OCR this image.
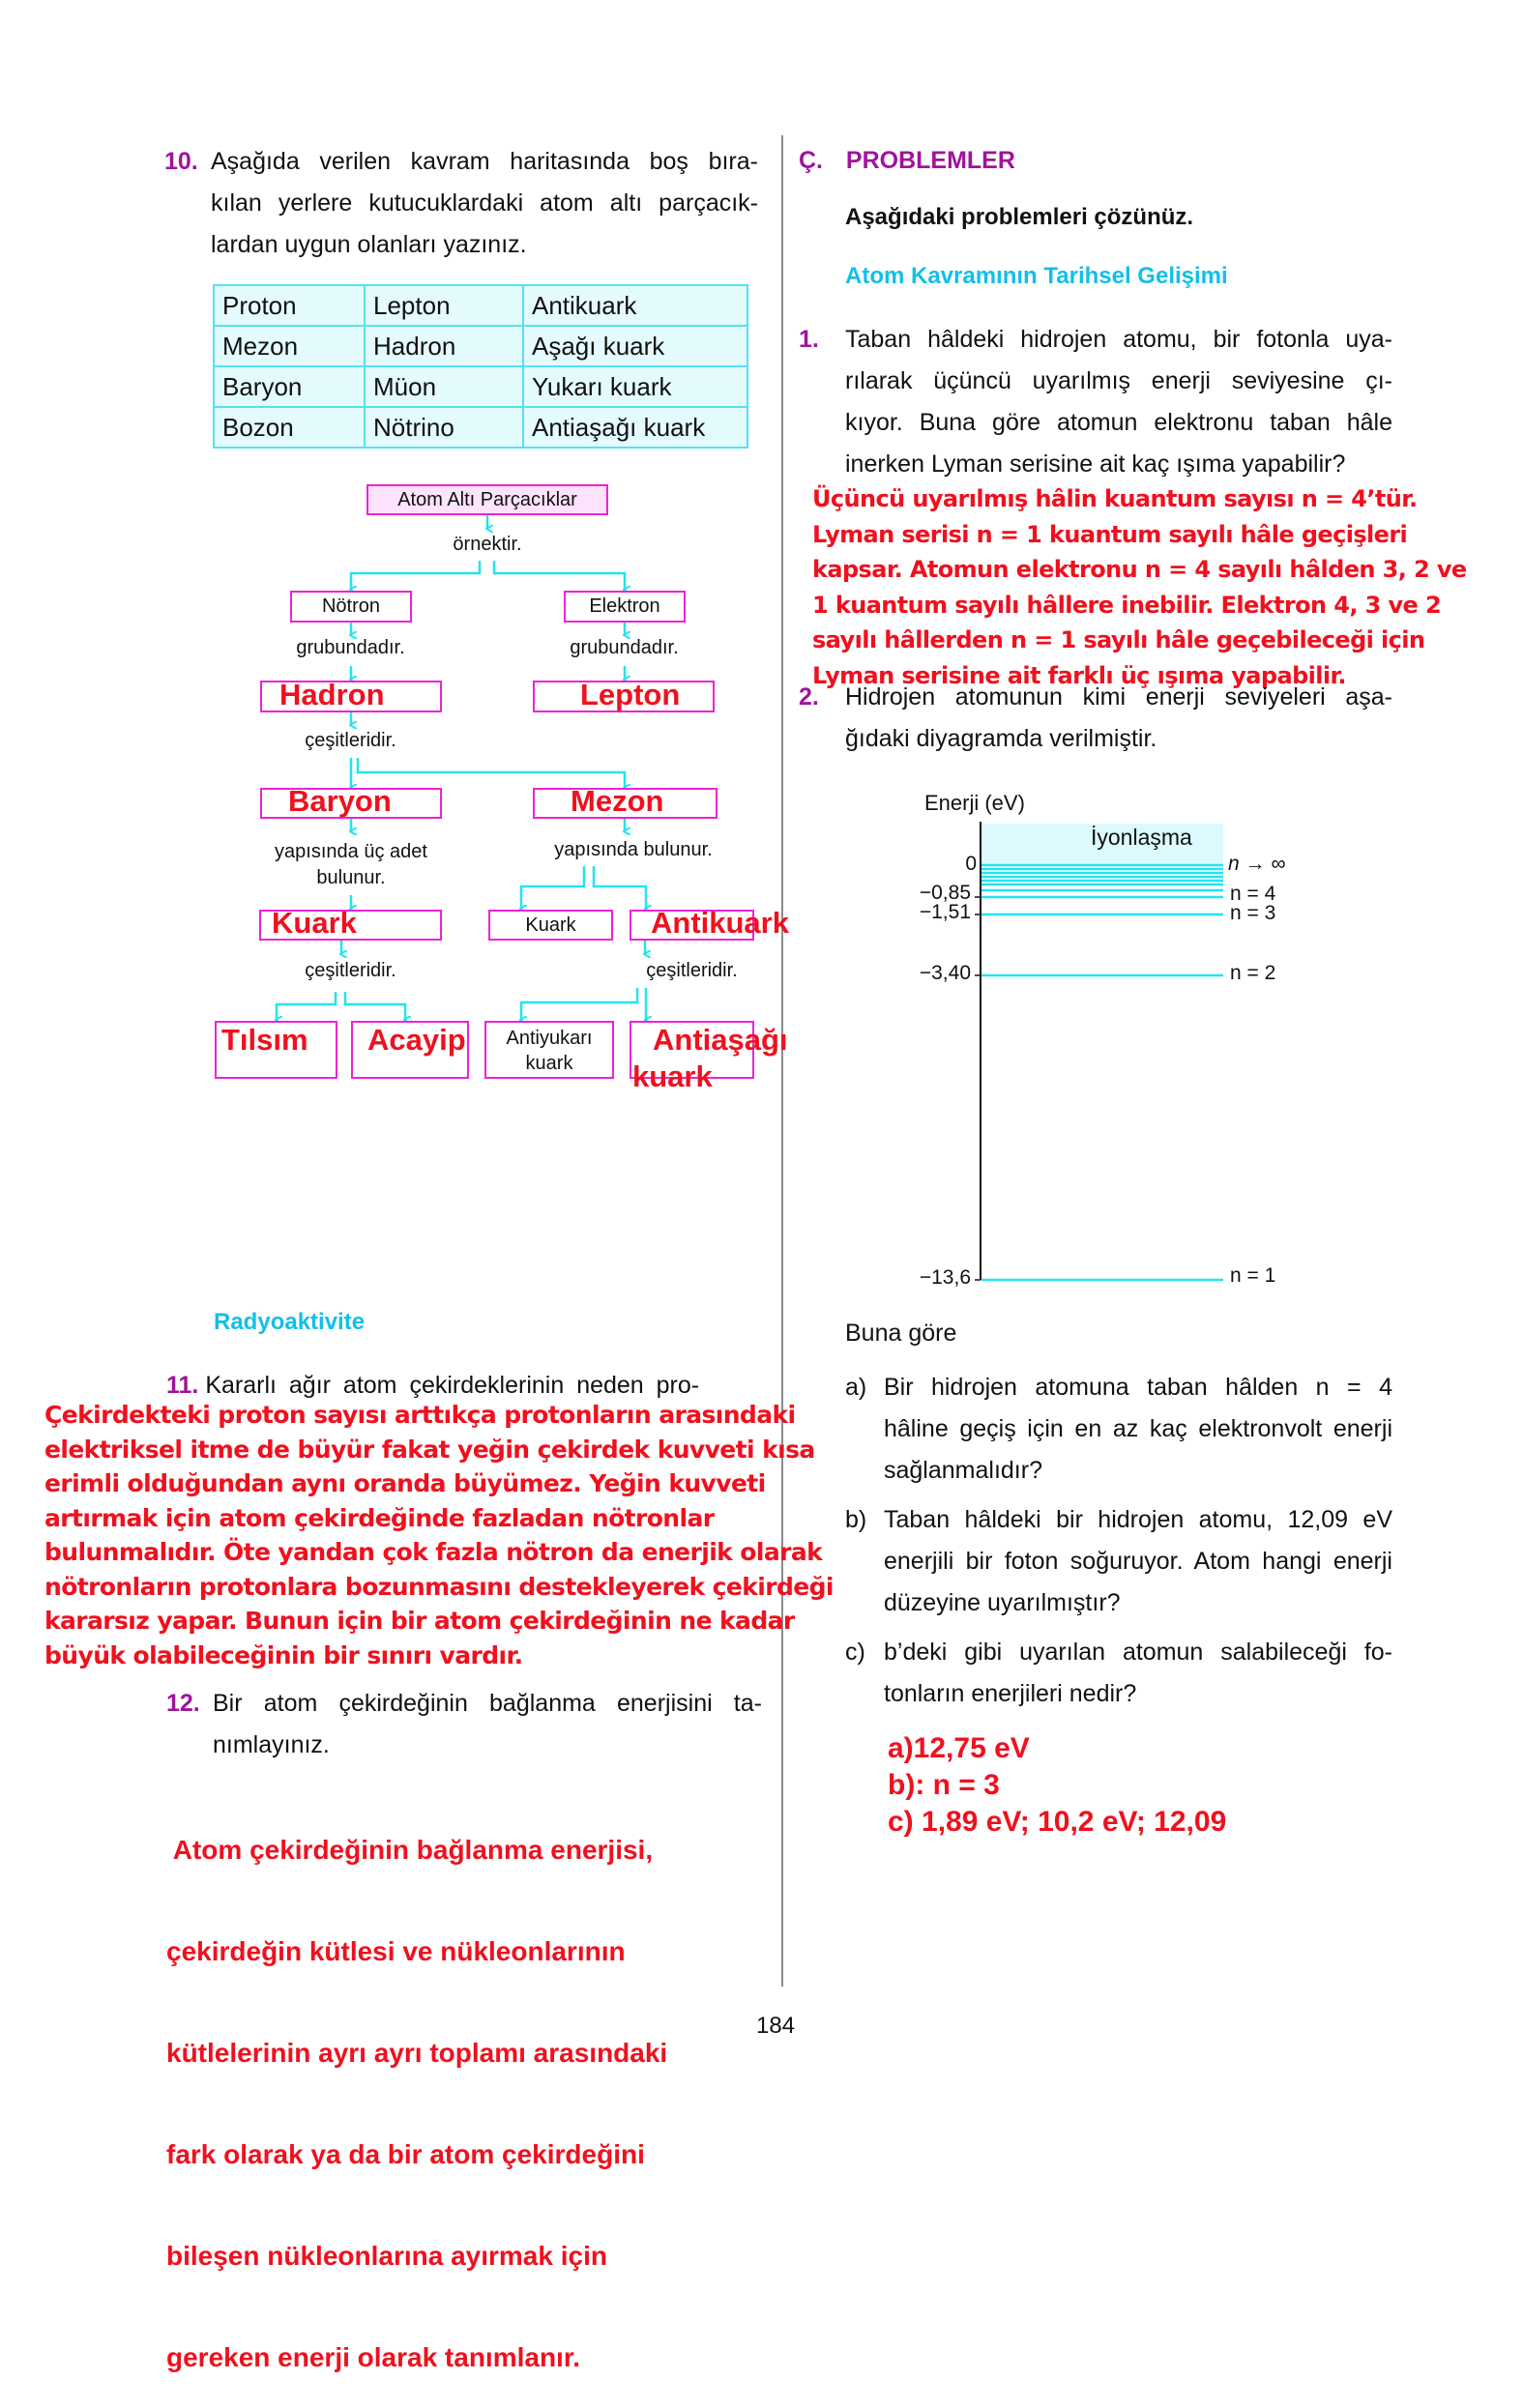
10. Aşağıda verilen kavram haritasında boş bıra-
kılan yerlere kutucuklardaki atom altı parçacık-
lardan uygun olanları yazınız.
Proton	Lepton	Antikuark
Mezon	Hadron	Aşağı kuark
Baryon	Müon	Yukarı kuark
Bozon	Nötrino	Antiaşağı kuark
Atom Altı Parçacıklar
örnektir.
Nötron	Elektron
grubundadır.	grubundadır.
Hadron	Lepton
çeşitleridir.
Baryon	Mezon
yapısında üç adet
bulunur.
yapısında bulunur.
Kuark	Kuark	Antikuark
çeşitleridir.	çeşitleridir.
Tılsım Acayip	Antiyukarı
kuark
Antiaşağı
kuark
Radyoaktivite
11. Kararlı ağır atom çekirdeklerinin neden pro-
Çekirdekteki proton sayısı arttıkça protonların arasındaki
elektriksel itme de büyür fakat yeğin çekirdek kuvveti kısa
erimli olduğundan aynı oranda büyümez. Yeğin kuvveti
artırmak için atom çekirdeğinde fazladan nötronlar
bulunmalıdır. Öte yandan çok fazla nötron da enerjik olarak
nötronların protonlara bozunmasını destekleyerek çekirdeği
kararsız yapar. Bunun için bir atom çekirdeğinin ne kadar
büyük olabileceğinin bir sınırı vardır.
12. Bir atom çekirdeğinin bağlanma enerjisini ta-
nımlayınız.

Atom çekirdeğinin bağlanma enerjisi,

çekirdeğin kütlesi ve nükleonlarının

kütlelerinin ayrı ayrı toplamı arasındaki

fark olarak ya da bir atom çekirdeğini

bileşen nükleonlarına ayırmak için

gereken enerji olarak tanımlanır.

Ç. PROBLEMLER
Aşağıdaki problemleri çözünüz.
Atom Kavramının Tarihsel Gelişimi
1. Taban hâldeki hidrojen atomu, bir fotonla uya-
rılarak üçüncü uyarılmış enerji seviyesine çı-
kıyor. Buna göre atomun elektronu taban hâle
inerken Lyman serisine ait kaç ışıma yapabilir?
Üçüncü uyarılmış hâlin kuantum sayısı n = 4’tür.
Lyman serisi n = 1 kuantum sayılı hâle geçişleri
kapsar. Atomun elektronu n = 4 sayılı hâlden 3, 2 ve
1 kuantum sayılı hâllere inebilir. Elektron 4, 3 ve 2
sayılı hâllerden n = 1 sayılı hâle geçebileceği için
Lyman serisine ait farklı üç ışıma yapabilir.
2. Hidrojen atomunun kimi enerji seviyeleri aşa-
ğıdaki diyagramda verilmiştir.
Enerji (eV)
İyonlaşma
0
−0,85
−1,51
−3,40
−13,6
n → ∞
n = 4
n = 3
n = 2
n = 1
Buna göre
a) Bir hidrojen atomuna taban hâlden n = 4
hâline geçiş için en az kaç elektronvolt enerji
sağlanmalıdır?
b) Taban hâldeki bir hidrojen atomu, 12,09 eV
enerjili bir foton soğuruyor. Atom hangi enerji
düzeyine uyarılmıştır?
c) b’deki gibi uyarılan atomun salabileceği fo-
tonların enerjileri nedir?
a)12,75 eV
b): n = 3
c) 1,89 eV; 10,2 eV; 12,09
184
